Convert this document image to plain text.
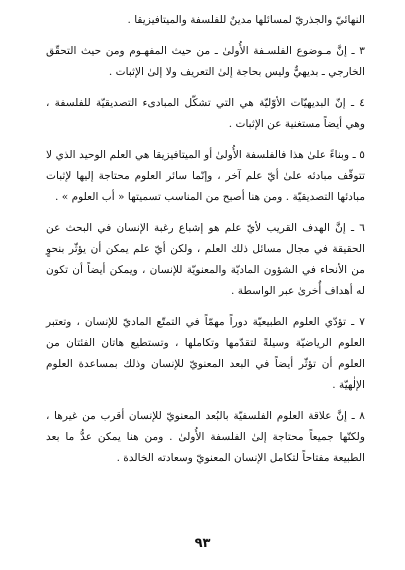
النهائيّ والجذريّ لمسائلها مدينٌ للفلسفة والميتافيزيقا .

٣ ـ إنَّ مـوضوع الفلسـفة الأُولىٰ ـ من حيث المفهـوم ومن حيث التحقّق الخارجي ـ بديهيٌّ وليس بحاجة إلىٰ التعريف ولا إلىٰ الإثبات .

٤ ـ إنّ البديهيّات الأوّليّة هي التي تشكّل المبادىء التصديقيّة للفلسفة ، وهي أيضاً مستغنية عن الإثبات .

٥ ـ وبناءً علىٰ هذا فالفلسفة الأُولىٰ أو الميتافيزيقا هي العلم الوحيد الذي لا تتوقّف مبادئه علىٰ أيّ علم آخر ، وإنّما سائر العلوم محتاجة إليها لإثبات مبادئها التصديقيّة . ومن هنا أصبح من المناسب تسميتها « أب العلوم » .

٦ ـ إنَّ الهدف القريب لأيّ علم هو إشباع رغبة الإنسان في البحث عن الحقيقة في مجال مسائل ذلك العلم ، ولكن أيّ علم يمكن أن يؤثّر بنحوٍ من الأنحاء في الشؤون الماديّة والمعنويّة للإنسان ، ويمكن أيضاً أن تكون له أهداف أُخرىٰ عبر الواسطة .

٧ ـ تؤدّي العلوم الطبيعيّة دوراً مهمّاً في التمتّع الماديّ للإنسان ، وتعتبر العلوم الرياضيّة وسيلةً لتقدّمها وتكاملها ، وتستطيع هاتان الفئتان من العلوم أن تؤثّر أيضاً في البعد المعنويّ للإنسان وذلك بمساعدة العلوم الإلٰهيّة .

٨ ـ إنَّ علاقة العلوم الفلسفيّة بالبُعد المعنويّ للإنسان أقرب من غيرها ، ولكنّها جميعاً محتاجة إلىٰ الفلسفة الأُولىٰ . ومن هنا يمكن عدُّ ما بعد الطبيعة مفتاحاً لتكامل الإنسان المعنويّ وسعادته الخالدة .

٩٣
